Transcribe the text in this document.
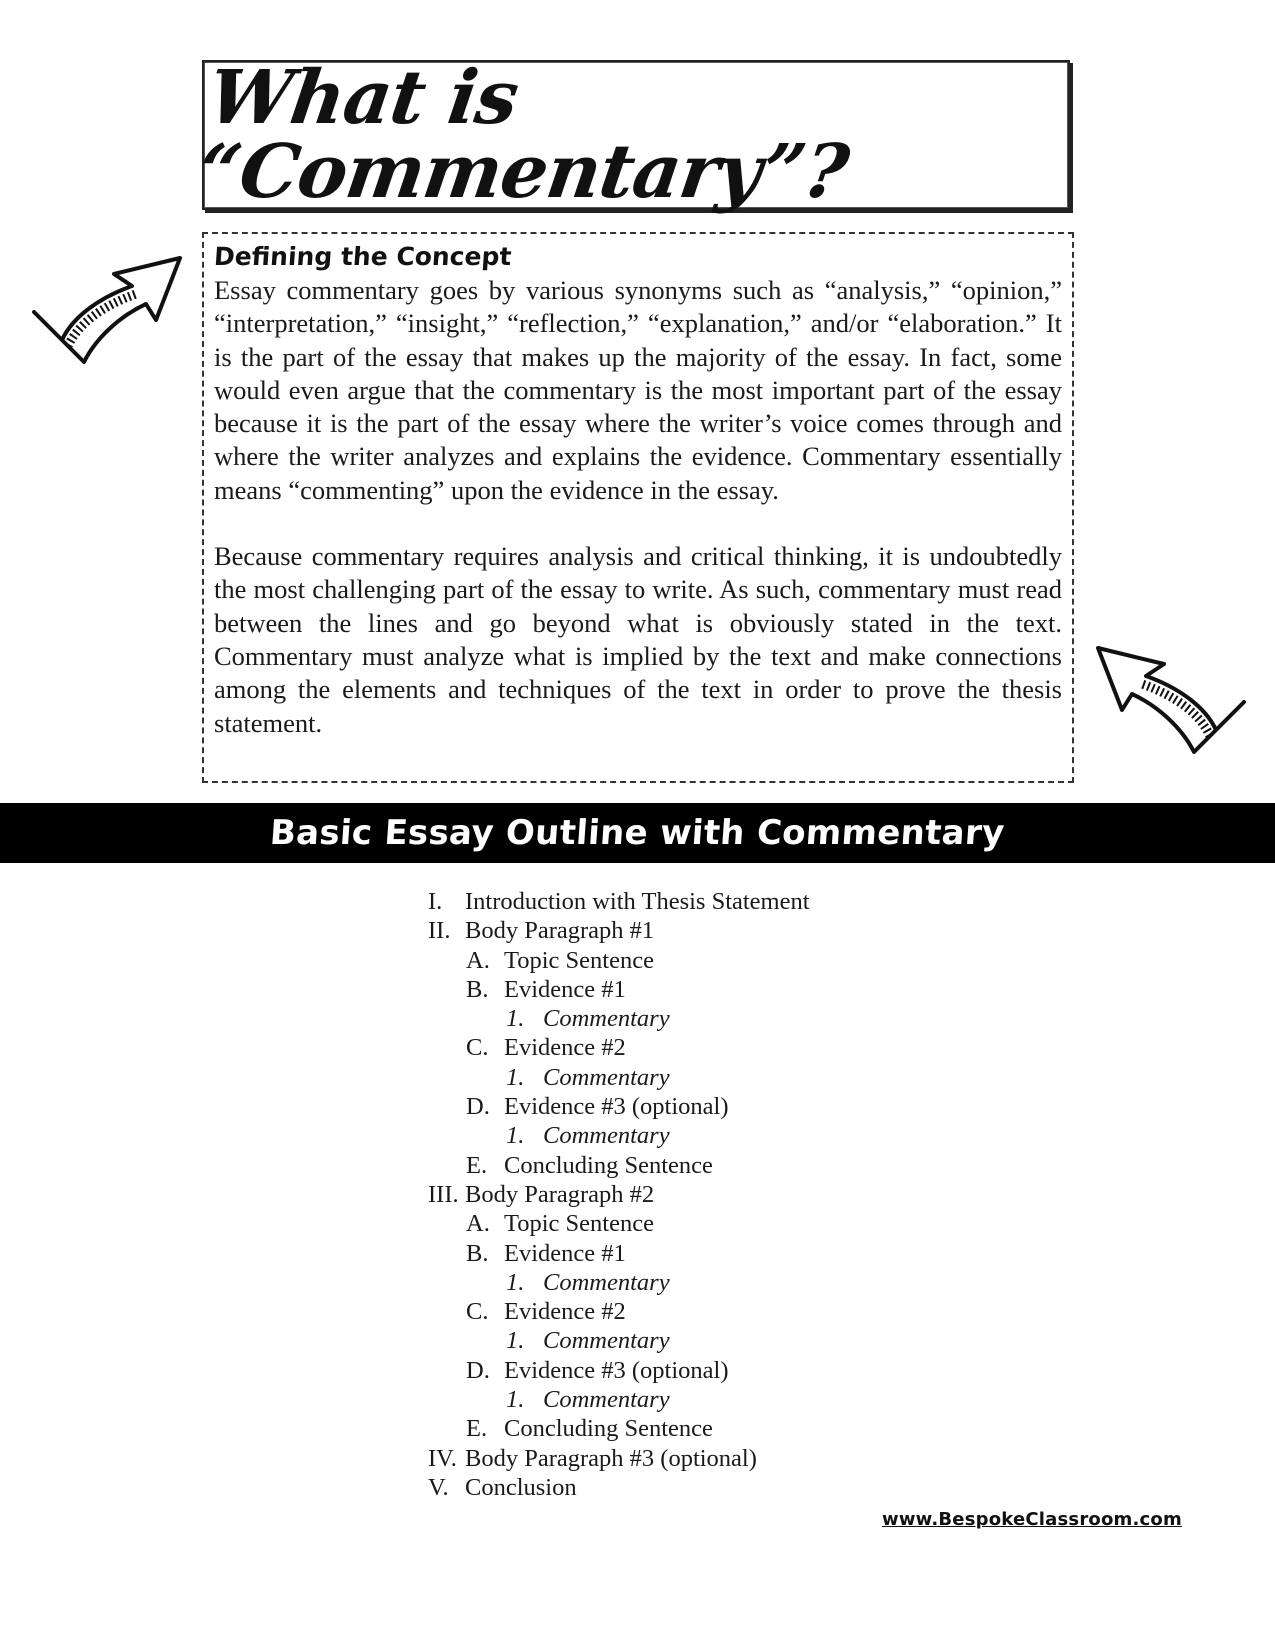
What is “Commentary”?
Defining the Concept

Essay commentary goes by various synonyms such as “analysis,” “opinion,” “interpretation,” “insight,” “reflection,” “explanation,” and/or “elaboration.” It is the part of the essay that makes up the majority of the essay. In fact, some would even argue that the commentary is the most important part of the essay because it is the part of the essay where the writer’s voice comes through and where the writer analyzes and explains the evidence. Commentary essentially means “commenting” upon the evidence in the essay.

Because commentary requires analysis and critical thinking, it is undoubtedly the most challenging part of the essay to write. As such, commentary must read between the lines and go beyond what is obviously stated in the text. Commentary must analyze what is implied by the text and make connections among the elements and techniques of the text in order to prove the thesis statement.

Basic Essay Outline with Commentary
I. Introduction with Thesis Statement
II. Body Paragraph #1
A. Topic Sentence
B. Evidence #1
1. Commentary
C. Evidence #2
1. Commentary
D. Evidence #3 (optional)
1. Commentary
E. Concluding Sentence
III. Body Paragraph #2
A. Topic Sentence
B. Evidence #1
1. Commentary
C. Evidence #2
1. Commentary
D. Evidence #3 (optional)
1. Commentary
E. Concluding Sentence
IV. Body Paragraph #3 (optional)
V. Conclusion
www.BespokeClassroom.com
